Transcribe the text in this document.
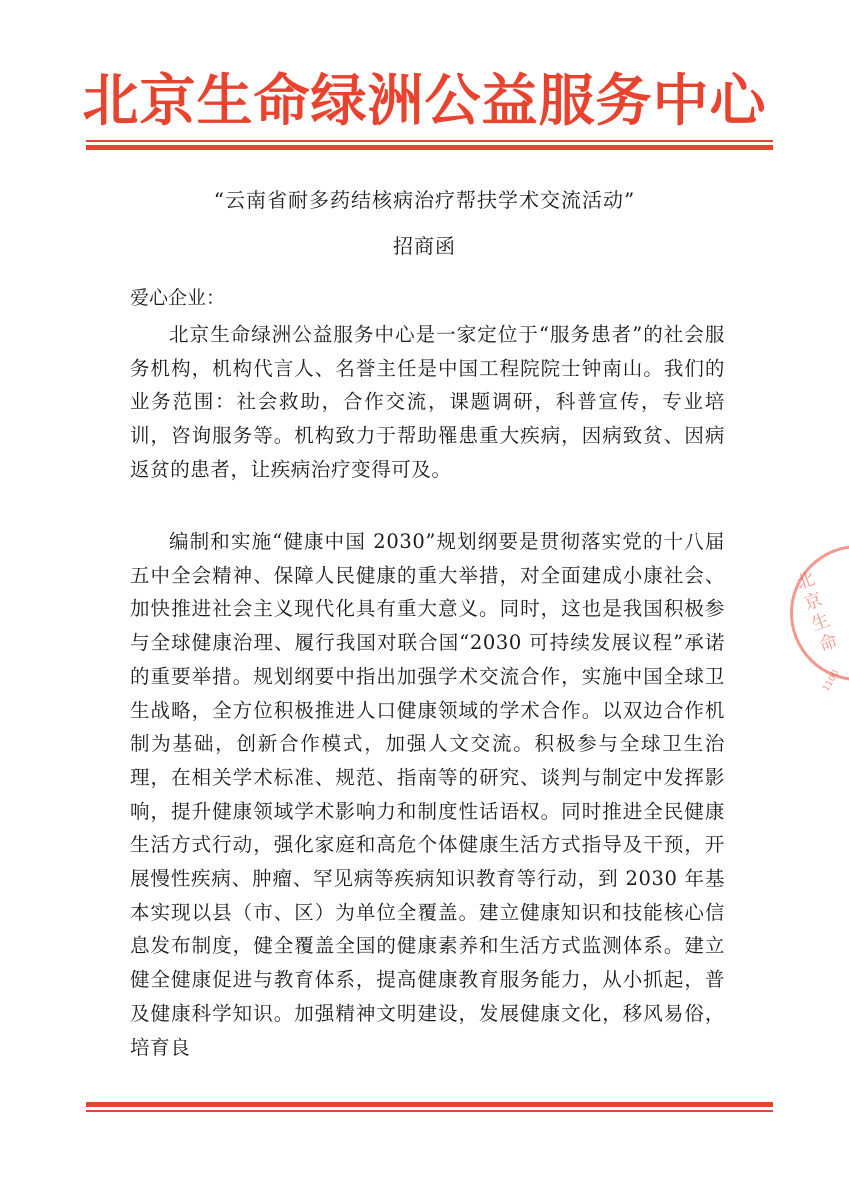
北京生命绿洲公益服务中心
“云南省耐多药结核病治疗帮扶学术交流活动”
招商函
爱心企业：

北京生命绿洲公益服务中心是一家定位于“服务患者”的社会服务机构，机构代言人、名誉主任是中国工程院院士钟南山。我们的业务范围：社会救助，合作交流，课题调研，科普宣传，专业培训，咨询服务等。机构致力于帮助罹患重大疾病，因病致贫、因病返贫的患者，让疾病治疗变得可及。

编制和实施“健康中国 2030”规划纲要是贯彻落实党的十八届五中全会精神、保障人民健康的重大举措，对全面建成小康社会、加快推进社会主义现代化具有重大意义。同时，这也是我国积极参与全球健康治理、履行我国对联合国“2030 可持续发展议程”承诺的重要举措。规划纲要中指出加强学术交流合作，实施中国全球卫生战略，全方位积极推进人口健康领域的学术合作。以双边合作机制为基础，创新合作模式，加强人文交流。积极参与全球卫生治理，在相关学术标准、规范、指南等的研究、谈判与制定中发挥影响，提升健康领域学术影响力和制度性话语权。同时推进全民健康生活方式行动，强化家庭和高危个体健康生活方式指导及干预，开展慢性疾病、肿瘤、罕见病等疾病知识教育等行动，到 2030 年基本实现以县（市、区）为单位全覆盖。建立健康知识和技能核心信息发布制度，健全覆盖全国的健康素养和生活方式监测体系。建立健全健康促进与教育体系，提高健康教育服务能力，从小抓起，普及健康科学知识。加强精神文明建设，发展健康文化，移风易俗，培育良

北京生命
1100
